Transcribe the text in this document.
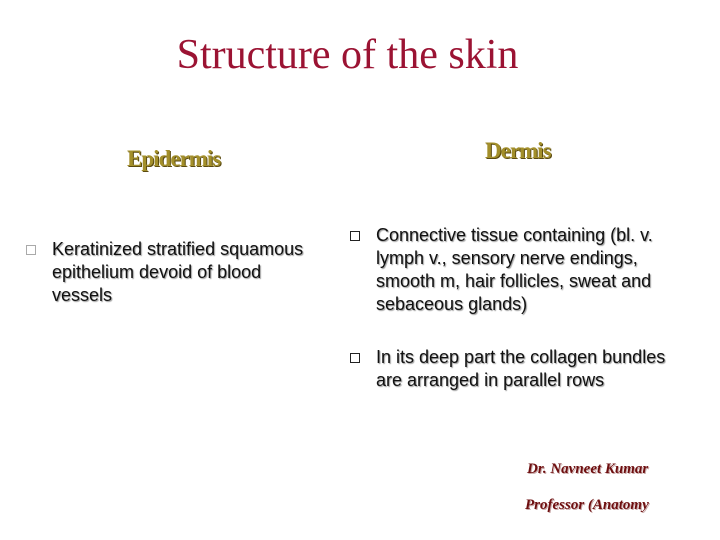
Structure of the skin
Epidermis	Dermis
Keratinized stratified squamous epithelium devoid of blood vessels
Connective tissue containing (bl. v. lymph v., sensory nerve endings, smooth m, hair follicles, sweat and sebaceous glands)
In its deep part the collagen bundles are arranged in parallel rows
Dr. Navneet Kumar
Professor (Anatomy
